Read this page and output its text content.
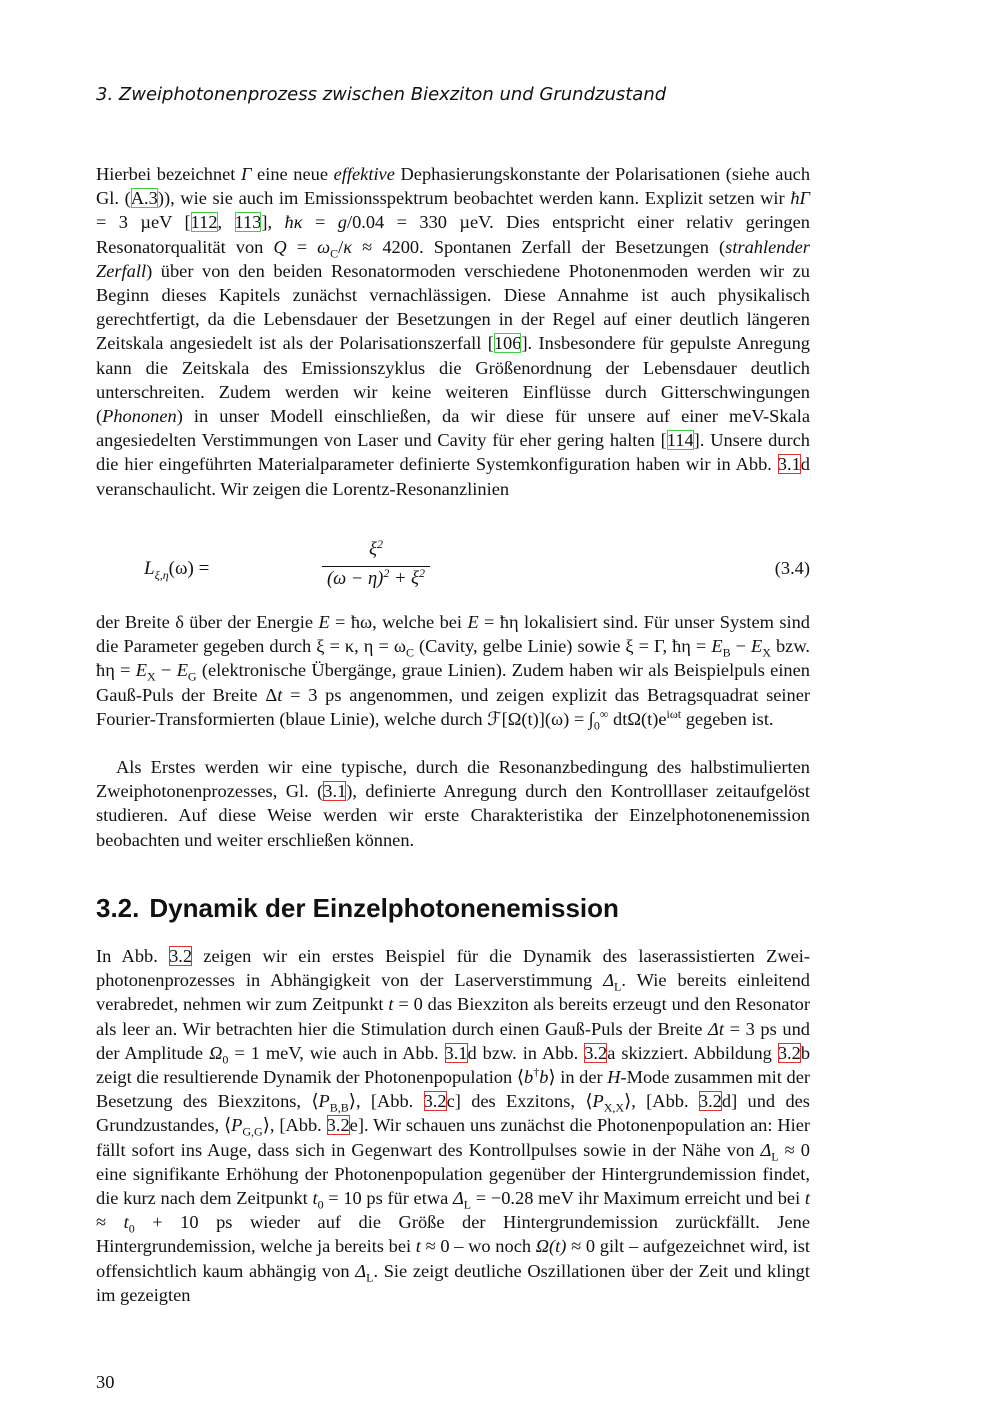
3. Zweiphotonenprozess zwischen Biexziton und Grundzustand

Hierbei bezeichnet Γ eine neue effektive Dephasierungskonstante der Polarisationen (siehe auch Gl. (A.3)), wie sie auch im Emissionsspektrum beobachtet werden kann. Explizit setzen wir ħΓ = 3 µeV [112, 113], ħκ = g/0.04 = 330 µeV. Dies entspricht einer relativ geringen Resonatorqualität von $Q = \omega_C/\kappa \approx 4200$. Spontanen Zerfall der Besetzungen (strahlender Zerfall) über von den beiden Resonatormoden verschiedene Photonenmoden werden wir zu Beginn dieses Kapitels zunächst vernachlässigen. Diese Annahme ist auch physikalisch gerechtfertigt, da die Lebensdauer der Besetzungen in der Regel auf einer deutlich längeren Zeitskala angesiedelt ist als der Polarisationszerfall [106]. Insbesondere für gepulste Anregung kann die Zeitskala des Emissionszyklus die Größenordnung der Lebensdauer deutlich unterschreiten. Zudem werden wir keine weiteren Einflüsse durch Gitterschwingungen (Phononen) in unser Modell einschließen, da wir diese für unsere auf einer meV-Skala angesiedelten Verstimmungen von Laser und Cavity für eher gering halten [114]. Unsere durch die hier eingeführten Materialparameter definierte Systemkonfiguration haben wir in Abb. 3.1d veranschaulicht. Wir zeigen die Lorentz-Resonanzlinien

$L_{\xi,\eta}(\omega)$ =
$\xi^2$
$(\omega - \eta)^2 + \xi^2$	(3.4)

der Breite δ über der Energie E = ħω, welche bei E = ħη lokalisiert sind. Für unser System sind die Parameter gegeben durch ξ = κ, $\eta = \omega_C$ (Cavity, gelbe Linie) sowie ξ = Γ, ħη = $E_B - E_X$ bzw. ħη = $E_X - E_G$ (elektronische Übergänge, graue Linien). Zudem haben wir als Beispielpuls einen Gauß-Puls der Breite Δt = 3 ps angenommen, und zeigen explizit das Betragsquadrat seiner Fourier-Transformierten (blaue Linie), welche durch ℱ[Ω(t)](ω) = $\int_0^\infty$ $dt\Omega(t)e^{i\omega t}$ gegeben ist.

Als Erstes werden wir eine typische, durch die Resonanzbedingung des halbstimulierten Zweiphotonenprozesses, Gl. (3.1), definierte Anregung durch den Kontrolllaser zeitaufgelöst studieren. Auf diese Weise werden wir erste Charakteristika der Einzelphotonenemission beobachten und weiter erschließen können.

3.2. Dynamik der Einzelphotonenemission

In Abb. 3.2 zeigen wir ein erstes Beispiel für die Dynamik des laserassistierten Zweiphotonenprozesses in Abhängigkeit von der Laserverstimmung $\Delta_L$. Wie bereits einleitend verabredet, nehmen wir zum Zeitpunkt t = 0 das Biexziton als bereits erzeugt und den Resonator als leer an. Wir betrachten hier die Stimulation durch einen Gauß-Puls der Breite Δt = 3 ps und der Amplitude $\Omega_0 = 1$ meV, wie auch in Abb. 3.1d bzw. in Abb. 3.2a skizziert. Abbildung 3.2b zeigt die resultierende Dynamik der Photonenpopulation ⟨b†b⟩ in der H-Mode zusammen mit der Besetzung des Biexzitons, $⟨P_{B,B}⟩$, [Abb. 3.2c] des Exzitons, $⟨P_{X,X}⟩$, [Abb. 3.2d] und des Grundzustandes, $⟨P_{G,G}⟩$, [Abb. 3.2e]. Wir schauen uns zunächst die Photonenpopulation an: Hier fällt sofort ins Auge, dass sich in Gegenwart des Kontrollpulses sowie in der Nähe von $\Delta_L \approx 0$ eine signifikante Erhöhung der Photonenpopulation gegenüber der Hintergrundemission findet, die kurz nach dem Zeitpunkt $t_0 = 10$ ps für etwa $\Delta_L = -0.28$ meV ihr Maximum erreicht und bei $t \approx t_0 + 10$ ps wieder auf die Größe der Hintergrundemission zurückfällt. Jene Hintergrundemission, welche ja bereits bei t ≈ 0 – wo noch Ω(t) ≈ 0 gilt – aufgezeichnet wird, ist offensichtlich kaum abhängig von $\Delta_L$. Sie zeigt deutliche Oszillationen über der Zeit und klingt im gezeigten

30
